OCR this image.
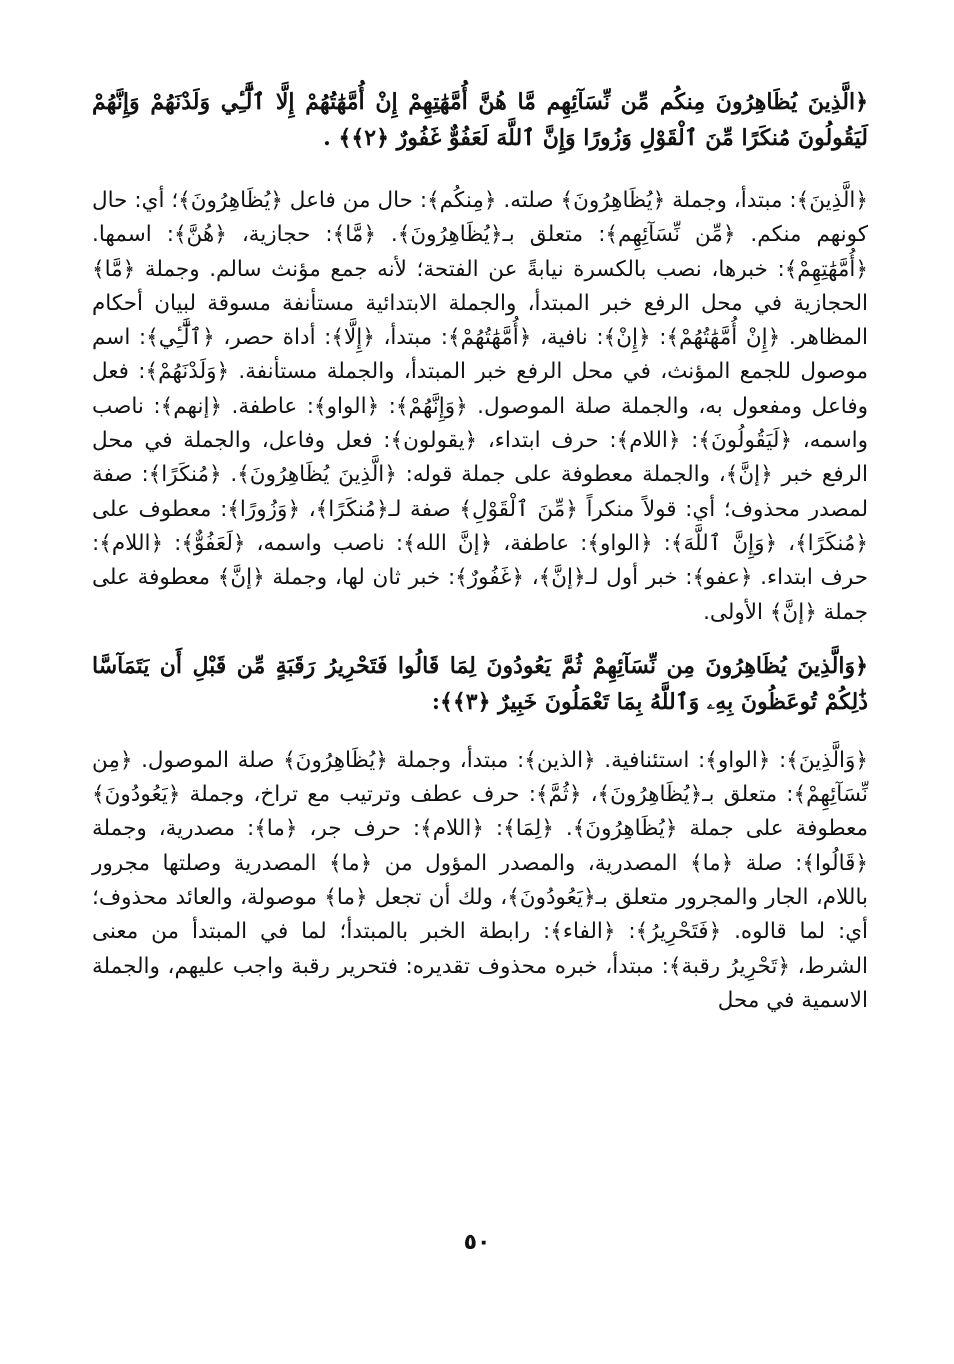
﴿الَّذِينَ يُظَاهِرُونَ مِنكُم مِّن نِّسَآئِهِم مَّا هُنَّ أُمَّهَٰتِهِمْ إِنْ أُمَّهَٰتُهُمْ إِلَّا ٱلَّٰٓـِٔي وَلَدْنَهُمْ وَإِنَّهُمْ لَيَقُولُونَ مُنكَرًا مِّنَ ٱلْقَوْلِ وَزُورًا وَإِنَّ ٱللَّهَ لَعَفُوٌّ غَفُورٌ ﴿٢﴾﴾ .

﴿الَّذِينَ﴾: مبتدأ، وجملة ﴿يُظَاهِرُونَ﴾ صلته. ﴿مِنكُم﴾: حال من فاعل ﴿يُظَاهِرُونَ﴾؛ أي: حال كونهم منكم. ﴿مِّن نِّسَآئِهِم﴾: متعلق بـ﴿يُظَاهِرُونَ﴾. ﴿مَّا﴾: حجازية، ﴿هُنَّ﴾: اسمها. ﴿أُمَّهَٰتِهِمْ﴾: خبرها، نصب بالكسرة نيابةً عن الفتحة؛ لأنه جمع مؤنث سالم. وجملة ﴿مَّا﴾ الحجازية في محل الرفع خبر المبتدأ، والجملة الابتدائية مستأنفة مسوقة لبيان أحكام المظاهر. ﴿إِنْ أُمَّهَٰتُهُمْ﴾: ﴿إِنْ﴾: نافية، ﴿أُمَّهَٰتُهُمْ﴾: مبتدأ، ﴿إِلَّا﴾: أداة حصر، ﴿ٱلَّٰٓـِٔي﴾: اسم موصول للجمع المؤنث، في محل الرفع خبر المبتدأ، والجملة مستأنفة. ﴿وَلَدْنَهُمْ﴾: فعل وفاعل ومفعول به، والجملة صلة الموصول. ﴿وَإِنَّهُمْ﴾: ﴿الواو﴾: عاطفة. ﴿إنهم﴾: ناصب واسمه، ﴿لَيَقُولُونَ﴾: ﴿اللام﴾: حرف ابتداء، ﴿يقولون﴾: فعل وفاعل، والجملة في محل الرفع خبر ﴿إنَّ﴾، والجملة معطوفة على جملة قوله: ﴿الَّذِينَ يُظَاهِرُونَ﴾. ﴿مُنكَرًا﴾: صفة لمصدر محذوف؛ أي: قولاً منكراً ﴿مِّنَ ٱلْقَوْلِ﴾ صفة لـ﴿مُنكَرًا﴾، ﴿وَزُورًا﴾: معطوف على ﴿مُنكَرًا﴾، ﴿وَإِنَّ ٱللَّهَ﴾: ﴿الواو﴾: عاطفة، ﴿إنَّ الله﴾: ناصب واسمه، ﴿لَعَفُوٌّ﴾: ﴿اللام﴾: حرف ابتداء. ﴿عفو﴾: خبر أول لـ﴿إنَّ﴾، ﴿غَفُورٌ﴾: خبر ثان لها، وجملة ﴿إنَّ﴾ معطوفة على جملة ﴿إنَّ﴾ الأولى.

﴿وَالَّذِينَ يُظَاهِرُونَ مِن نِّسَآئِهِمْ ثُمَّ يَعُودُونَ لِمَا قَالُوا فَتَحْرِيرُ رَقَبَةٍ مِّن قَبْلِ أَن يَتَمَآسَّا ذَٰلِكُمْ تُوعَظُونَ بِهِۦ وَٱللَّهُ بِمَا تَعْمَلُونَ خَبِيرٌ ﴿٣﴾﴾:

﴿وَالَّذِينَ﴾: ﴿الواو﴾: استئنافية. ﴿الذين﴾: مبتدأ، وجملة ﴿يُظَاهِرُونَ﴾ صلة الموصول. ﴿مِن نِّسَآئِهِمْ﴾: متعلق بـ﴿يُظَاهِرُونَ﴾، ﴿ثُمَّ﴾: حرف عطف وترتيب مع تراخ، وجملة ﴿يَعُودُونَ﴾ معطوفة على جملة ﴿يُظَاهِرُونَ﴾. ﴿لِمَا﴾: ﴿اللام﴾: حرف جر، ﴿ما﴾: مصدرية، وجملة ﴿قَالُوا﴾: صلة ﴿ما﴾ المصدرية، والمصدر المؤول من ﴿ما﴾ المصدرية وصلتها مجرور باللام، الجار والمجرور متعلق بـ﴿يَعُودُونَ﴾، ولك أن تجعل ﴿ما﴾ موصولة، والعائد محذوف؛ أي: لما قالوه. ﴿فَتَحْرِيرُ﴾: ﴿الفاء﴾: رابطة الخبر بالمبتدأ؛ لما في المبتدأ من معنى الشرط، ﴿تَحْرِيرُ رقبة﴾: مبتدأ، خبره محذوف تقديره: فتحرير رقبة واجب عليهم، والجملة الاسمية في محل

٥٠
